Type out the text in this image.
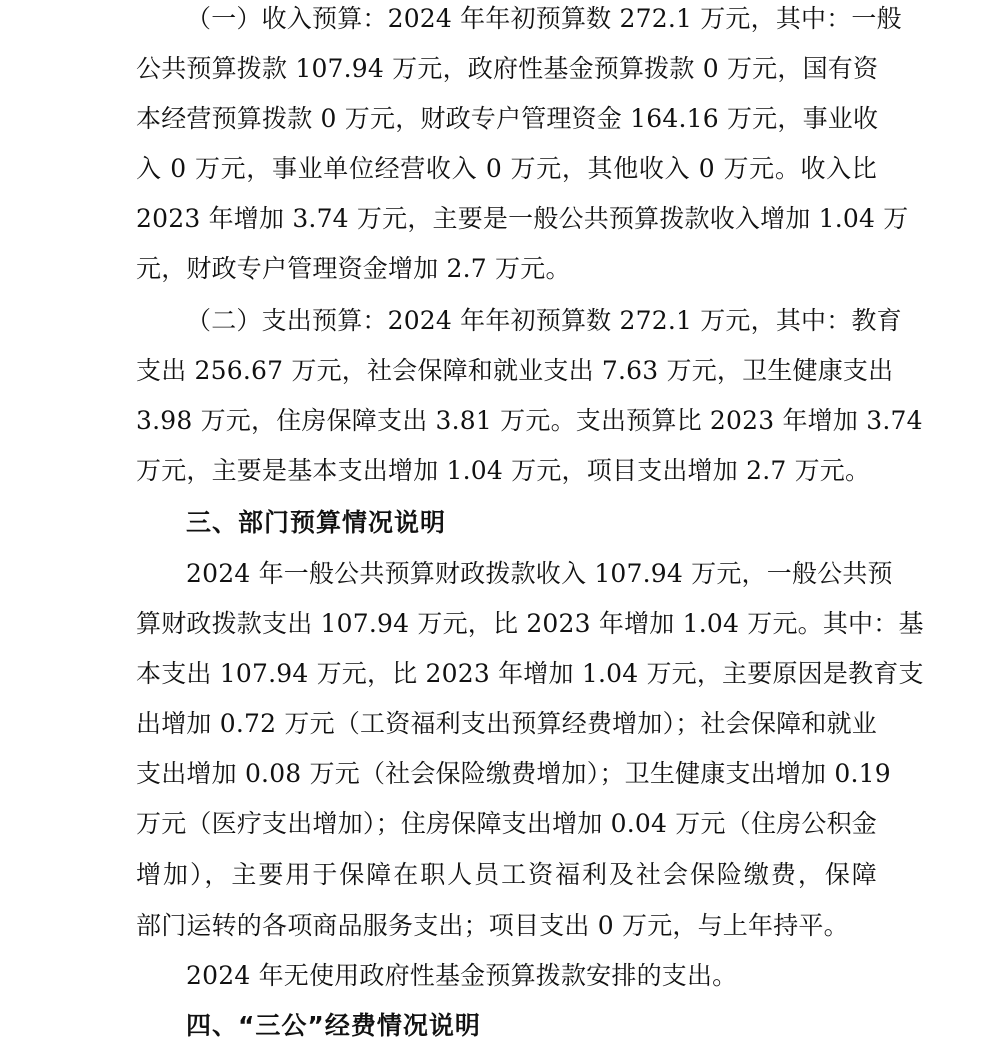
（一）收入预算：2024 年年初预算数 272.1 万元，其中：一般
公共预算拨款 107.94 万元，政府性基金预算拨款 0 万元，国有资
本经营预算拨款 0 万元，财政专户管理资金 164.16 万元，事业收
入 0 万元，事业单位经营收入 0 万元，其他收入 0 万元。收入比
2023 年增加 3.74 万元，主要是一般公共预算拨款收入增加 1.04 万
元，财政专户管理资金增加 2.7 万元。
（二）支出预算：2024 年年初预算数 272.1 万元，其中：教育
支出 256.67 万元，社会保障和就业支出 7.63 万元，卫生健康支出
3.98 万元，住房保障支出 3.81 万元。支出预算比 2023 年增加 3.74
万元，主要是基本支出增加 1.04 万元，项目支出增加 2.7 万元。
三、部门预算情况说明
2024 年一般公共预算财政拨款收入 107.94 万元，一般公共预
算财政拨款支出 107.94 万元，比 2023 年增加 1.04 万元。其中：基
本支出 107.94 万元，比 2023 年增加 1.04 万元，主要原因是教育支
出增加 0.72 万元（工资福利支出预算经费增加）；社会保障和就业
支出增加 0.08 万元（社会保险缴费增加）；卫生健康支出增加 0.19
万元（医疗支出增加）；住房保障支出增加 0.04 万元（住房公积金
增加），主要用于保障在职人员工资福利及社会保险缴费，保障
部门运转的各项商品服务支出；项目支出 0 万元，与上年持平。
2024 年无使用政府性基金预算拨款安排的支出。
四、“三公”经费情况说明
